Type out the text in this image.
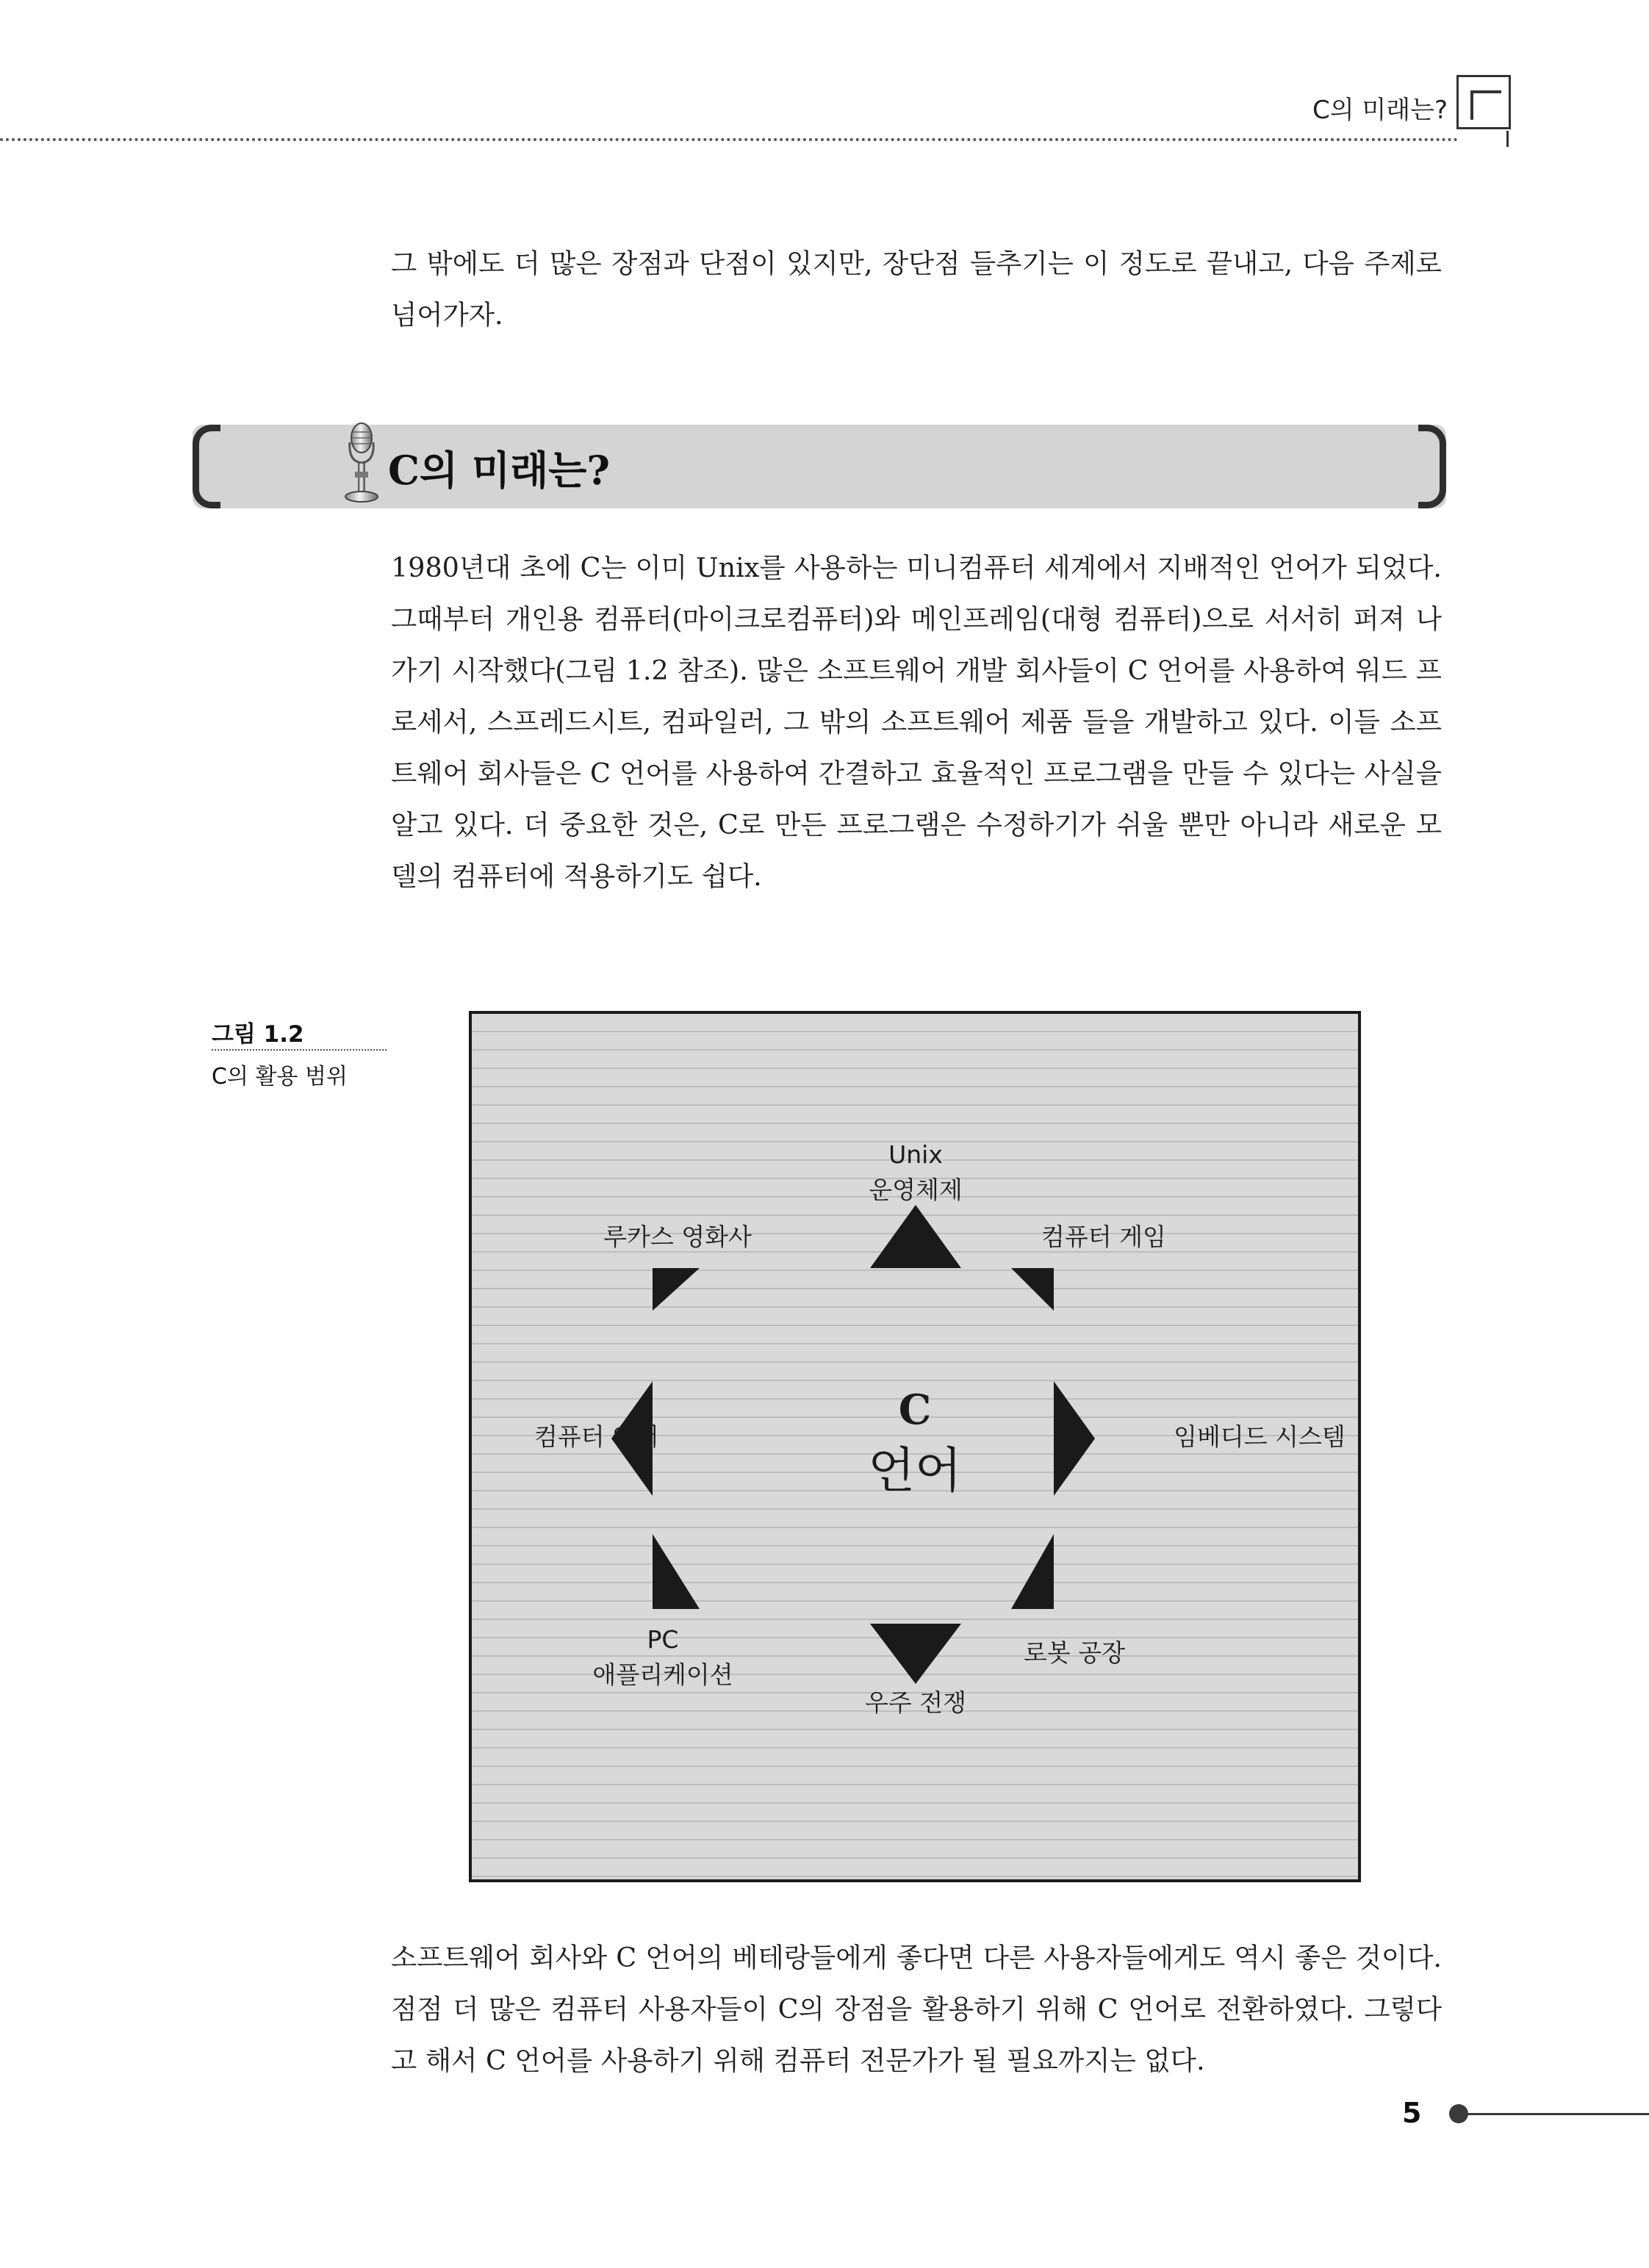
C의 미래는?
그 밖에도 더 많은 장점과 단점이 있지만, 장단점 들추기는 이 정도로 끝내고, 다음 주제로 넘어가자.
C의 미래는?
1980년대 초에 C는 이미 Unix를 사용하는 미니컴퓨터 세계에서 지배적인 언어가 되었다. 그때부터 개인용 컴퓨터(마이크로컴퓨터)와 메인프레임(대형 컴퓨터)으로 서서히 퍼져 나가기 시작했다(그림 1.2 참조). 많은 소프트웨어 개발 회사들이 C 언어를 사용하여 워드 프로세서, 스프레드시트, 컴파일러, 그 밖의 소프트웨어 제품 들을 개발하고 있다. 이들 소프트웨어 회사들은 C 언어를 사용하여 간결하고 효율적인 프로그램을 만들 수 있다는 사실을 알고 있다. 더 중요한 것은, C로 만든 프로그램은 수정하기가 쉬울 뿐만 아니라 새로운 모델의 컴퓨터에 적용하기도 쉽다.
그림 1.2
C의 활용 범위
Unix
운영체제
루카스 영화사	컴퓨터 게임
컴퓨터 언어	임베디드 시스템
C
언어
PC
애플리케이션
로봇 공장
우주 전쟁
소프트웨어 회사와 C 언어의 베테랑들에게 좋다면 다른 사용자들에게도 역시 좋은 것이다. 점점 더 많은 컴퓨터 사용자들이 C의 장점을 활용하기 위해 C 언어로 전환하였다. 그렇다고 해서 C 언어를 사용하기 위해 컴퓨터 전문가가 될 필요까지는 없다.
5
